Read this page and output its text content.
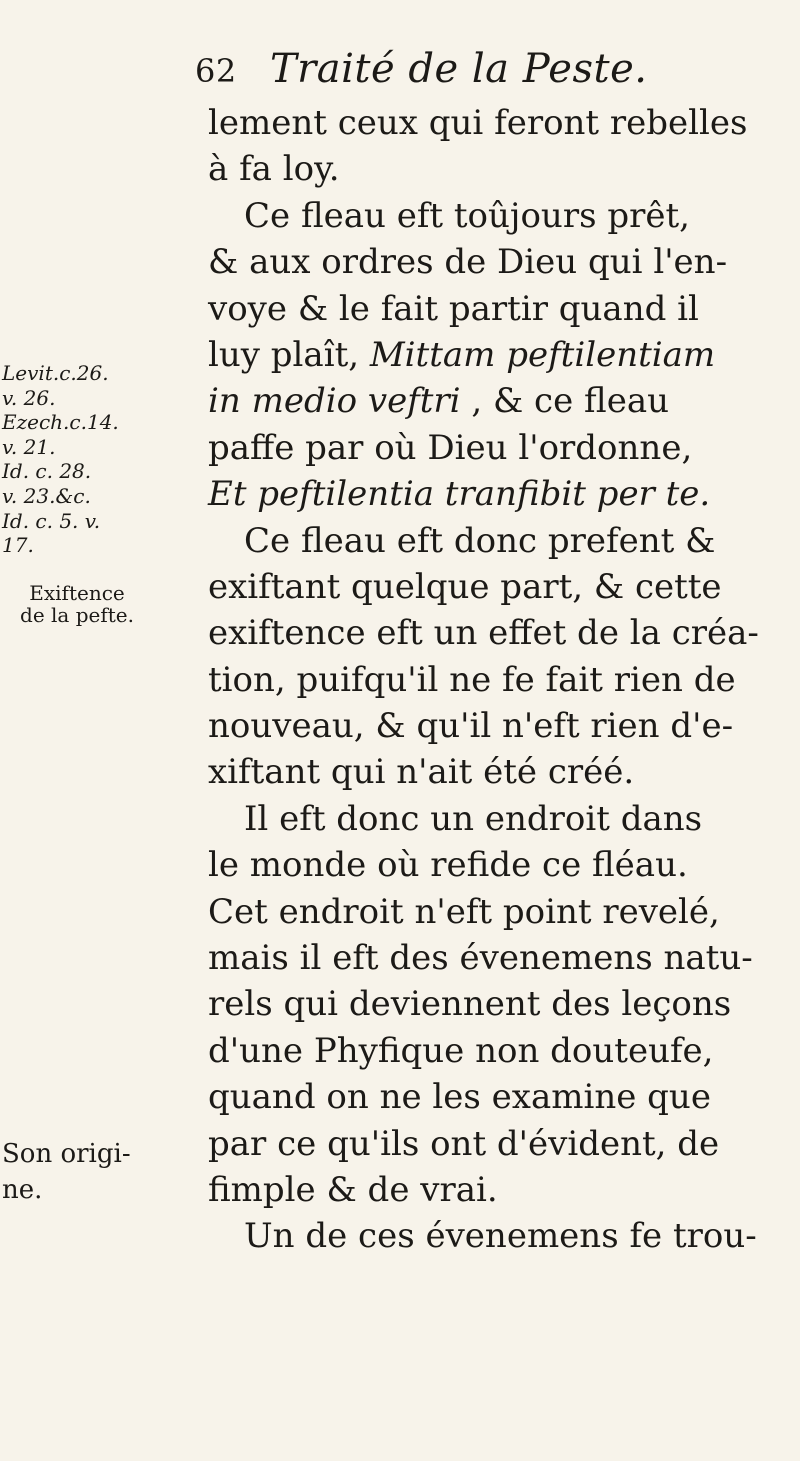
62 Traité de la Peste.
Levit.c.26.
v. 26.
Ezech.c.14.
v. 21.
Id. c. 28.
v. 23.&c.
Id. c. 5. v.
17.
Exiftence
de la pefte.
Son origi-
ne.
lement ceux qui feront rebelles
à fa loy.
Ce fleau eft toûjours prêt,
& aux ordres de Dieu qui l'en-
voye & le fait partir quand il
luy plaît, Mittam peftilentiam
in medio veftri , & ce fleau
paffe par où Dieu l'ordonne,
Et peftilentia tranfibit per te.
Ce fleau eft donc prefent &
exiftant quelque part, & cette
exiftence eft un effet de la créa-
tion, puifqu'il ne fe fait rien de
nouveau, & qu'il n'eft rien d'e-
xiftant qui n'ait été créé.
Il eft donc un endroit dans
le monde où refide ce fléau.
Cet endroit n'eft point revelé,
mais il eft des évenemens natu-
rels qui deviennent des leçons
d'une Phyfique non douteufe,
quand on ne les examine que
par ce qu'ils ont d'évident, de
fimple & de vrai.
Un de ces évenemens fe trou-
